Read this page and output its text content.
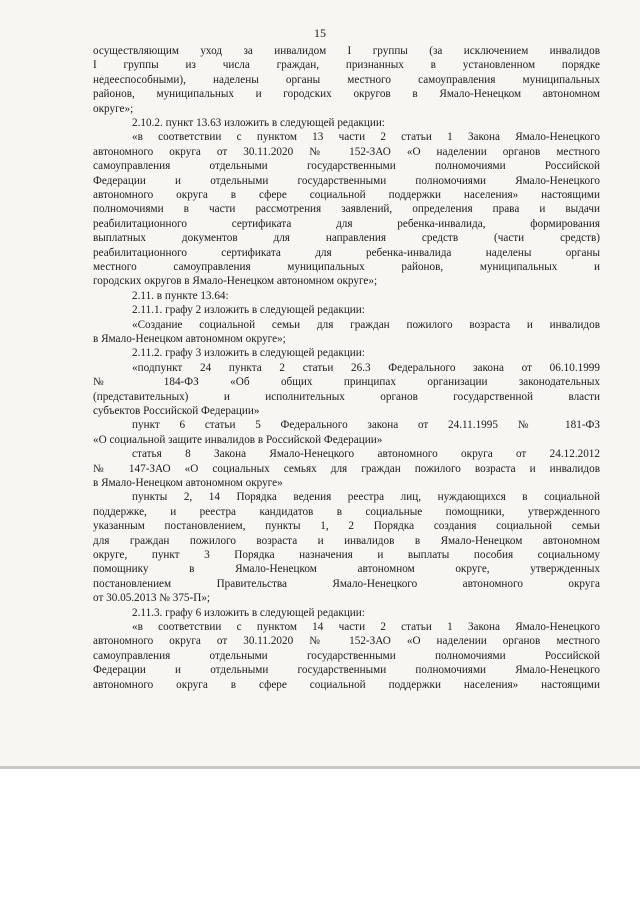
15
осуществляющим уход за инвалидом I группы (за исключением инвалидов
I группы из числа граждан, признанных в установленном порядке
недееспособными), наделены органы местного самоуправления муниципальных
районов, муниципальных и городских округов в Ямало-Ненецком автономном
округе»;
2.10.2. пункт 13.63 изложить в следующей редакции:
«в соответствии с пунктом 13 части 2 статьи 1 Закона Ямало-Ненецкого
автономного округа от 30.11.2020 № 152-ЗАО «О наделении органов местного
самоуправления отдельными государственными полномочиями Российской
Федерации и отдельными государственными полномочиями Ямало-Ненецкого
автономного округа в сфере социальной поддержки населения» настоящими
полномочиями в части рассмотрения заявлений, определения права и выдачи
реабилитационного сертификата для ребенка-инвалида, формирования
выплатных документов для направления средств (части средств)
реабилитационного сертификата для ребенка-инвалида наделены органы
местного самоуправления муниципальных районов, муниципальных и
городских округов в Ямало-Ненецком автономном округе»;
2.11. в пункте 13.64:
2.11.1. графу 2 изложить в следующей редакции:
«Создание социальной семьи для граждан пожилого возраста и инвалидов
в Ямало-Ненецком автономном округе»;
2.11.2. графу 3 изложить в следующей редакции:
«подпункт 24 пункта 2 статьи 26.3 Федерального закона от 06.10.1999
№ 184-ФЗ «Об общих принципах организации законодательных
(представительных) и исполнительных органов государственной власти
субъектов Российской Федерации»
пункт 6 статьи 5 Федерального закона от 24.11.1995 № 181-ФЗ
«О социальной защите инвалидов в Российской Федерации»
статья 8 Закона Ямало-Ненецкого автономного округа от 24.12.2012
№ 147-ЗАО «О социальных семьях для граждан пожилого возраста и инвалидов
в Ямало-Ненецком автономном округе»
пункты 2, 14 Порядка ведения реестра лиц, нуждающихся в социальной
поддержке, и реестра кандидатов в социальные помощники, утвержденного
указанным постановлением, пункты 1, 2 Порядка создания социальной семьи
для граждан пожилого возраста и инвалидов в Ямало-Ненецком автономном
округе, пункт 3 Порядка назначения и выплаты пособия социальному
помощнику в Ямало-Ненецком автономном округе, утвержденных
постановлением Правительства Ямало-Ненецкого автономного округа
от 30.05.2013 № 375-П»;
2.11.3. графу 6 изложить в следующей редакции:
«в соответствии с пунктом 14 части 2 статьи 1 Закона Ямало-Ненецкого
автономного округа от 30.11.2020 № 152-ЗАО «О наделении органов местного
самоуправления отдельными государственными полномочиями Российской
Федерации и отдельными государственными полномочиями Ямало-Ненецкого
автономного округа в сфере социальной поддержки населения» настоящими
